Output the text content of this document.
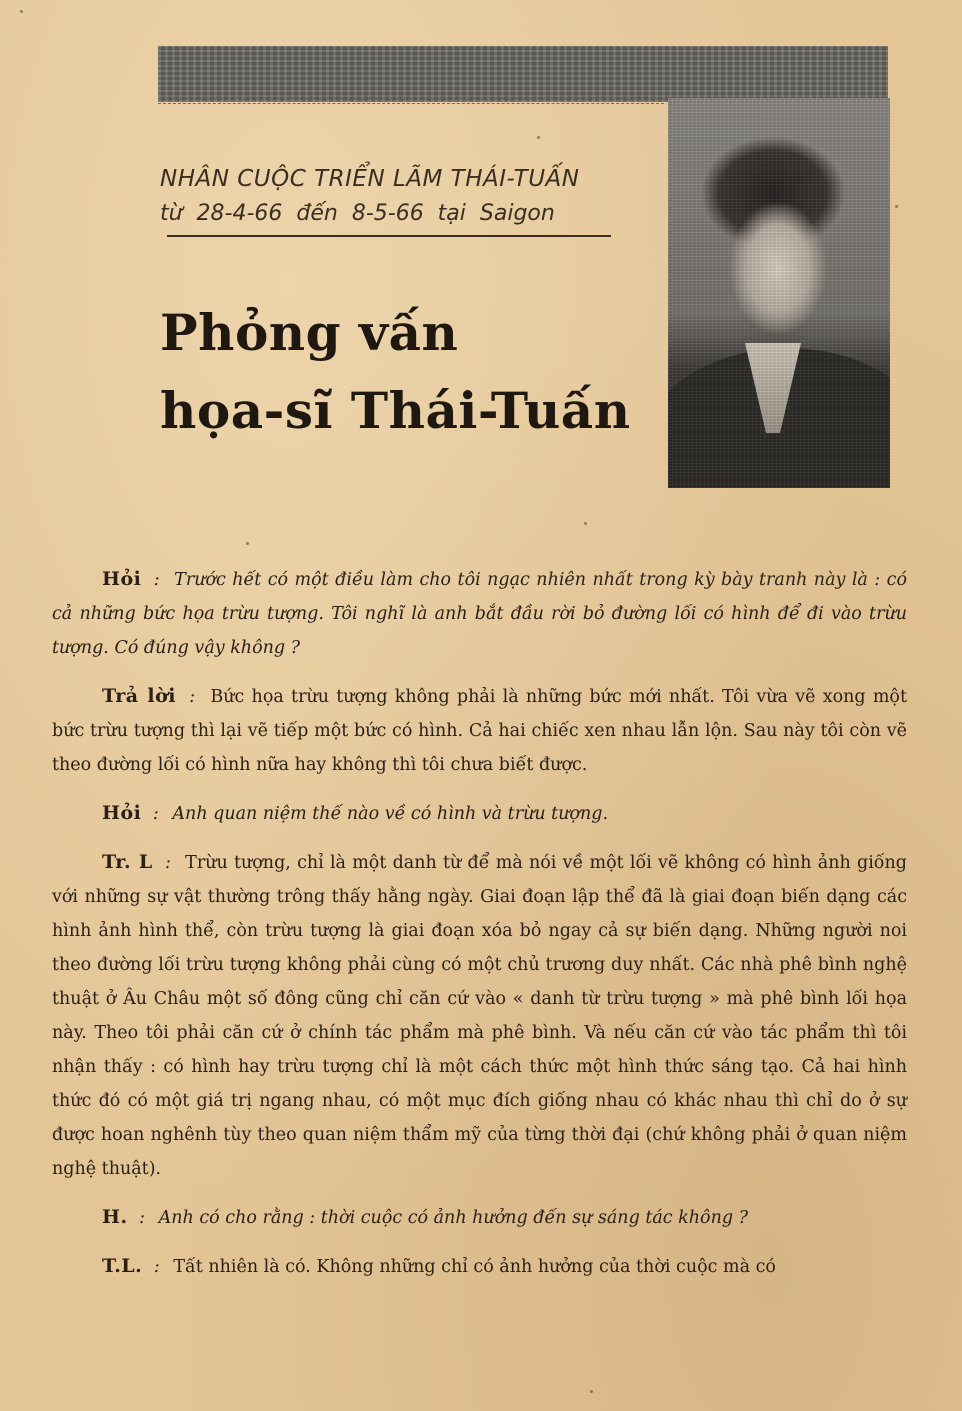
NHÂN CUỘC TRIỂN LÃM THÁI-TUẤN
từ  28-4-66  đến  8-5-66  tại  Saigon
Phỏng vấn
họa-sĩ Thái-Tuấn

Hỏi : Trước hết có một điều làm cho tôi ngạc nhiên nhất trong kỳ bày tranh này là : có cả những bức họa trừu tượng. Tôi nghĩ là anh bắt đầu rời bỏ đường lối có hình để đi vào trừu tượng. Có đúng vậy không ?

Trả lời : Bức họa trừu tượng không phải là những bức mới nhất. Tôi vừa vẽ xong một bức trừu tượng thì lại vẽ tiếp một bức có hình. Cả hai chiếc xen nhau lẫn lộn. Sau này tôi còn vẽ theo đường lối có hình nữa hay không thì tôi chưa biết được.

Hỏi : Anh quan niệm thế nào về có hình và trừu tượng.

Tr. L : Trừu tượng, chỉ là một danh từ để mà nói về một lối vẽ không có hình ảnh giống với những sự vật thường trông thấy hằng ngày. Giai đoạn lập thể đã là giai đoạn biến dạng các hình ảnh hình thể, còn trừu tượng là giai đoạn xóa bỏ ngay cả sự biến dạng. Những người noi theo đường lối trừu tượng không phải cùng có một chủ trương duy nhất. Các nhà phê bình nghệ thuật ở Âu Châu một số đông cũng chỉ căn cứ vào « danh từ trừu tượng » mà phê bình lối họa này. Theo tôi phải căn cứ ở chính tác phẩm mà phê bình. Và nếu căn cứ vào tác phẩm thì tôi nhận thấy : có hình hay trừu tượng chỉ là một cách thức một hình thức sáng tạo. Cả hai hình thức đó có một giá trị ngang nhau, có một mục đích giống nhau có khác nhau thì chỉ do ở sự được hoan nghênh tùy theo quan niệm thẩm mỹ của từng thời đại (chứ không phải ở quan niệm nghệ thuật).

H. : Anh có cho rằng : thời cuộc có ảnh hưởng đến sự sáng tác không ?

T.L. : Tất nhiên là có. Không những chỉ có ảnh hưởng của thời cuộc mà có
